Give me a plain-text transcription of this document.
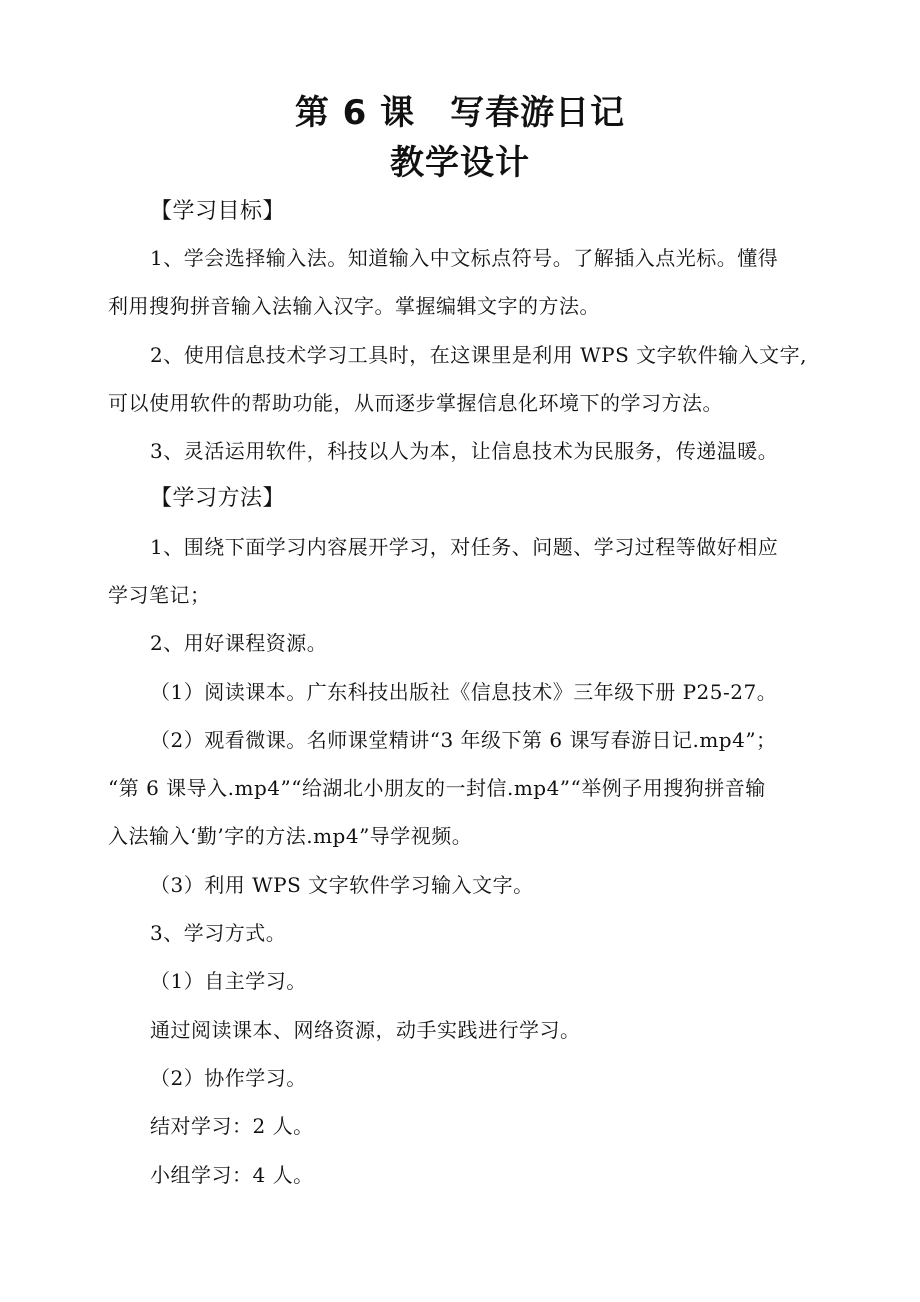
第 6 课　写春游日记
教学设计
【学习目标】
1、学会选择输入法。知道输入中文标点符号。了解插入点光标。懂得
利用搜狗拼音输入法输入汉字。掌握编辑文字的方法。
2、使用信息技术学习工具时，在这课里是利用 WPS 文字软件输入文字,
可以使用软件的帮助功能，从而逐步掌握信息化环境下的学习方法。
3、灵活运用软件，科技以人为本，让信息技术为民服务，传递温暖。
【学习方法】
1、围绕下面学习内容展开学习，对任务、问题、学习过程等做好相应
学习笔记；
2、用好课程资源。
（1）阅读课本。广东科技出版社《信息技术》三年级下册 P25-27。
（2）观看微课。名师课堂精讲“3 年级下第 6 课写春游日记.mp4”；
“第 6 课导入.mp4”“给湖北小朋友的一封信.mp4”“举例子用搜狗拼音输
入法输入‘勤’字的方法.mp4”导学视频。
（3）利用 WPS 文字软件学习输入文字。
3、学习方式。
（1）自主学习。
通过阅读课本、网络资源，动手实践进行学习。
（2）协作学习。
结对学习：2 人。
小组学习：4 人。
